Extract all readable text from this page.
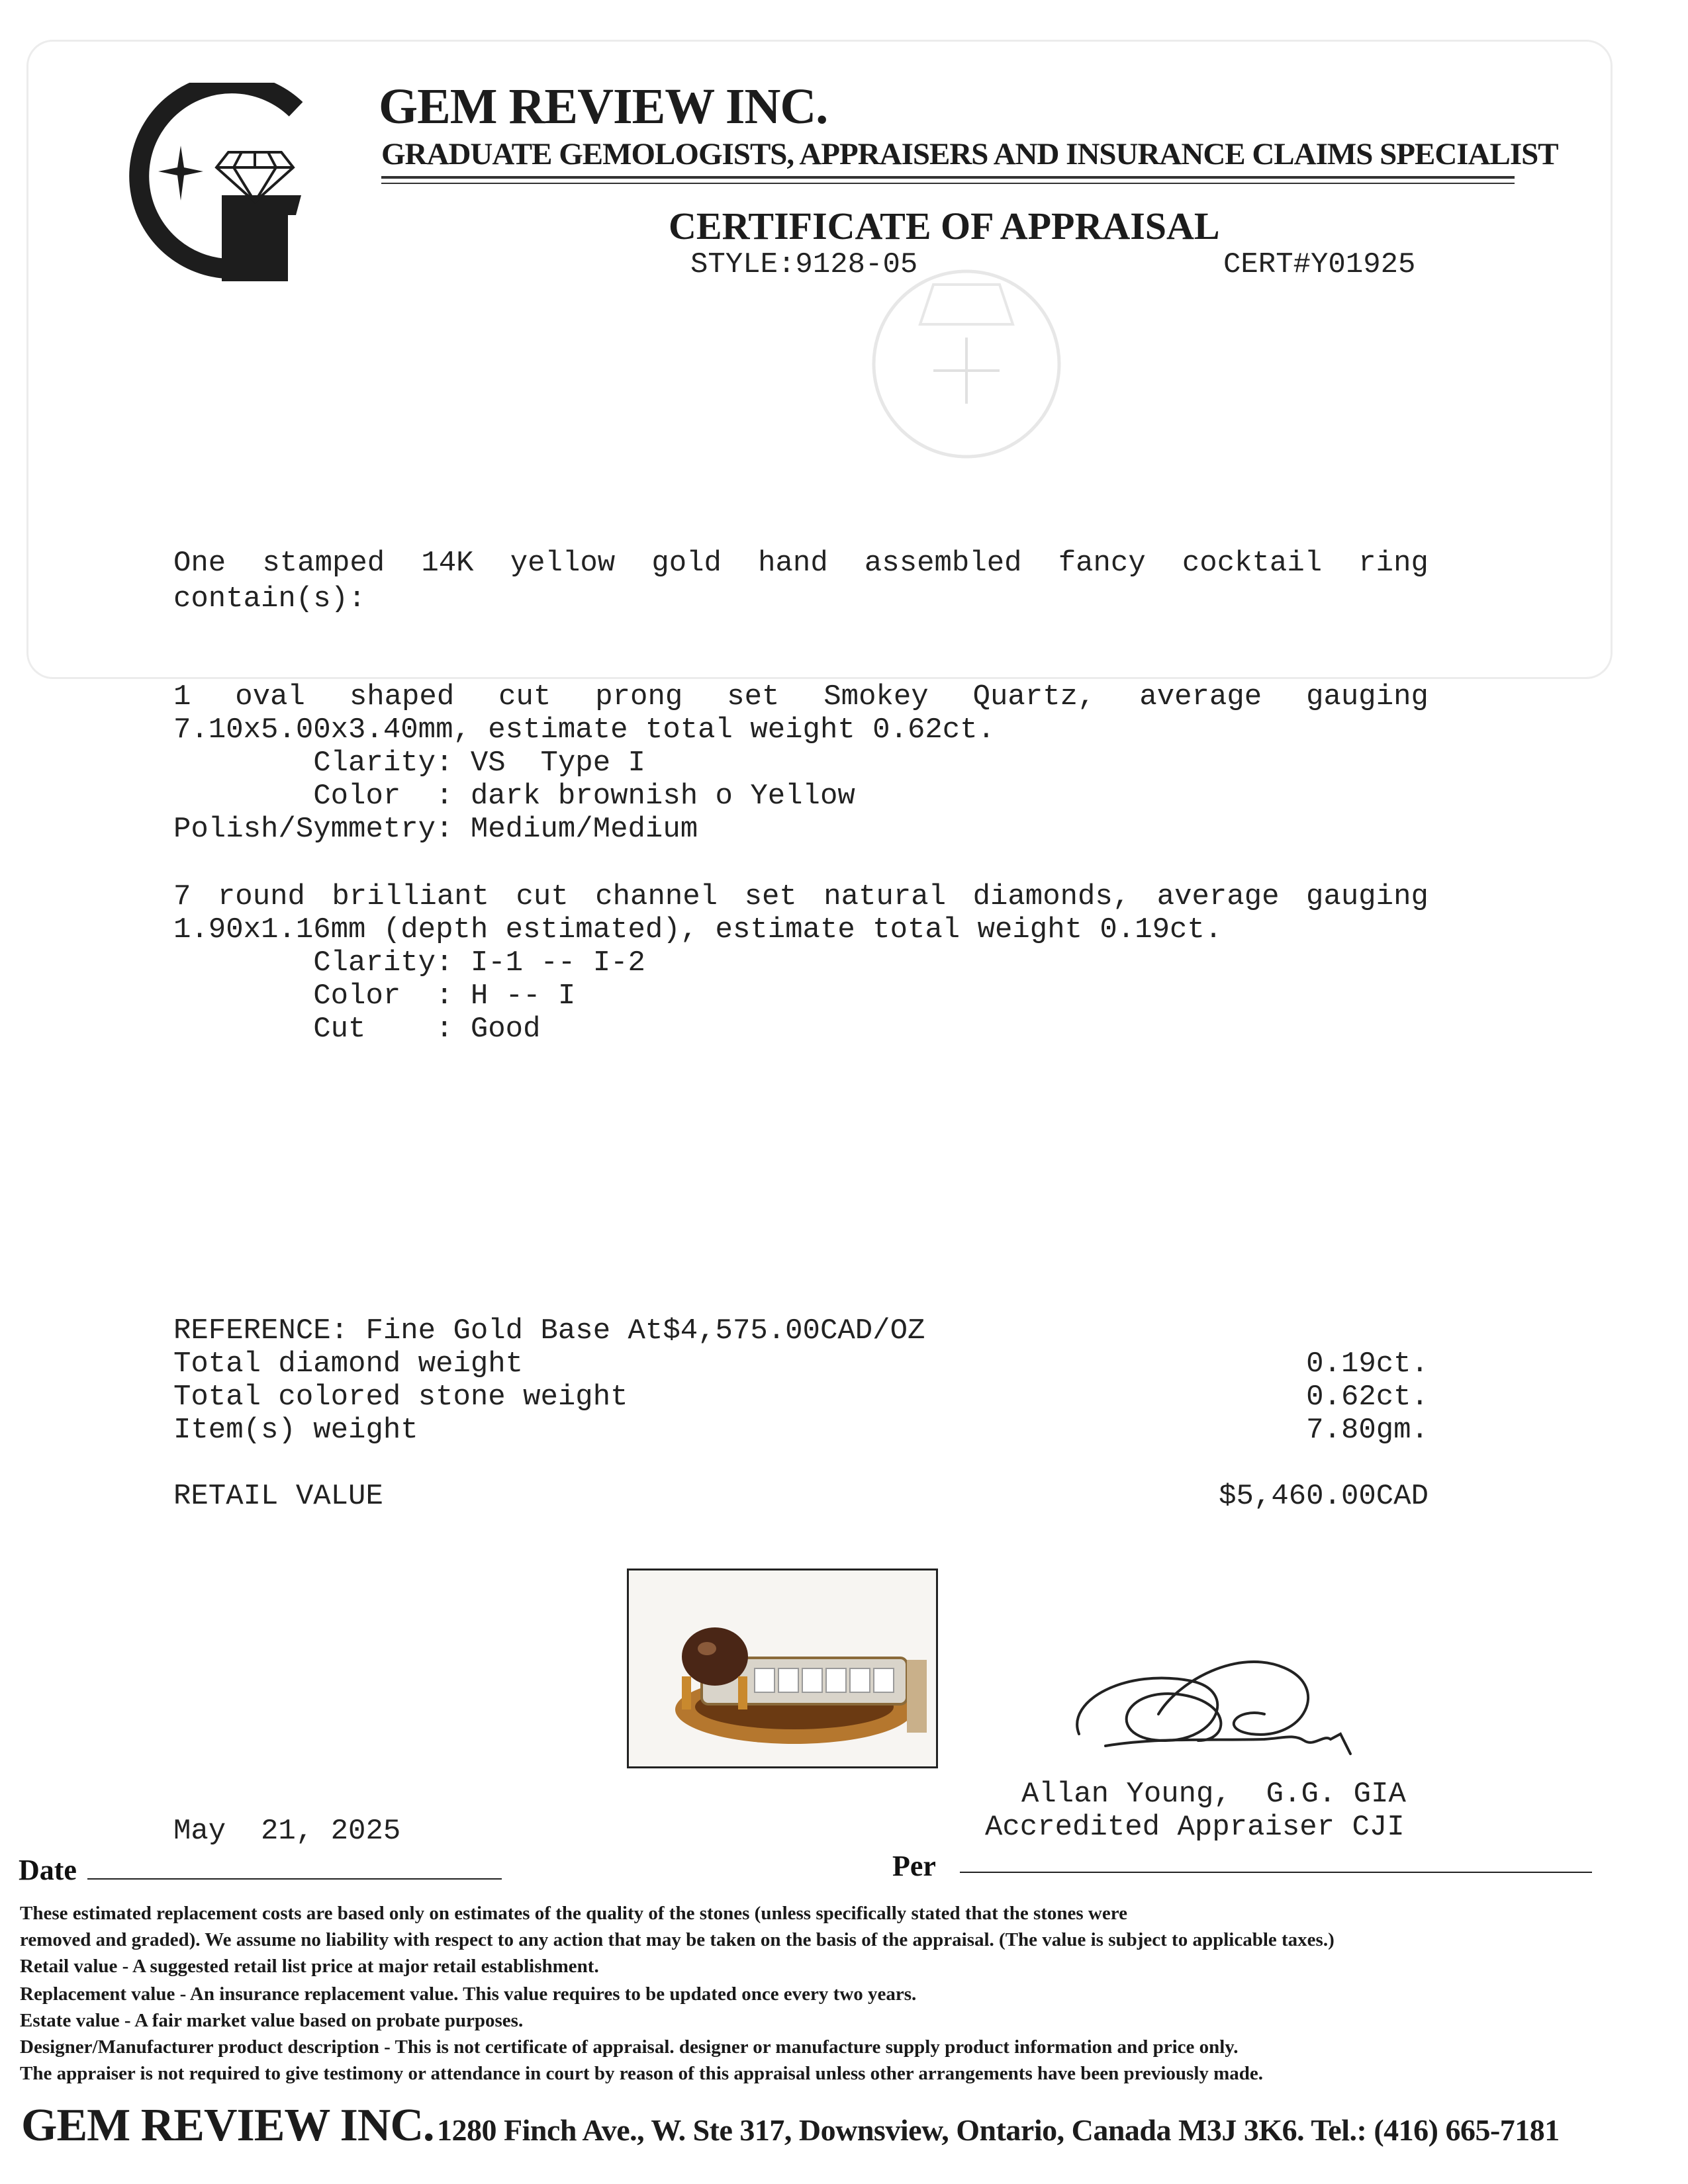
GEM REVIEW INC.
GRADUATE GEMOLOGISTS, APPRAISERS AND INSURANCE CLAIMS SPECIALIST
CERTIFICATE OF APPRAISAL
STYLE:9128-05	CERT#Y01925
One stamped 14K yellow gold hand assembled fancy cocktail ring
contain(s):
1 oval shaped cut prong set Smokey Quartz, average gauging
7.10x5.00x3.40mm, estimate total weight 0.62ct.
Clarity: VS  Type I
Color  : dark brownish o Yellow
Polish/Symmetry: Medium/Medium
7 round brilliant cut channel set natural diamonds, average gauging
1.90x1.16mm (depth estimated), estimate total weight 0.19ct.
Clarity: I-1 -- I-2
Color  : H -- I
Cut    : Good
REFERENCE: Fine Gold Base At$4,575.00CAD/OZ
Total diamond weight	0.19ct.
Total colored stone weight	0.62ct.
Item(s) weight	7.80gm.
RETAIL VALUE	$5,460.00CAD
Allan Young,  G.G. GIA
Accredited Appraiser CJI
May  21, 2025
Date	Per
These estimated replacement costs are based only on estimates of the quality of the stones (unless specifically stated that the stones were
removed and graded). We assume no liability with respect to any action that may be taken on the basis of the appraisal. (The value is subject to applicable taxes.)
Retail value - A suggested retail list price at major retail establishment.
Replacement value - An insurance replacement value. This value requires to be updated once every two years.
Estate value - A fair market value based on probate purposes.
Designer/Manufacturer product description - This is not certificate of appraisal. designer or manufacture supply product information and price only.
The appraiser is not required to give testimony or attendance in court by reason of this appraisal unless other arrangements have been previously made.
GEM REVIEW INC. 1280 Finch Ave., W. Ste 317, Downsview, Ontario, Canada M3J 3K6. Tel.: (416) 665-7181
